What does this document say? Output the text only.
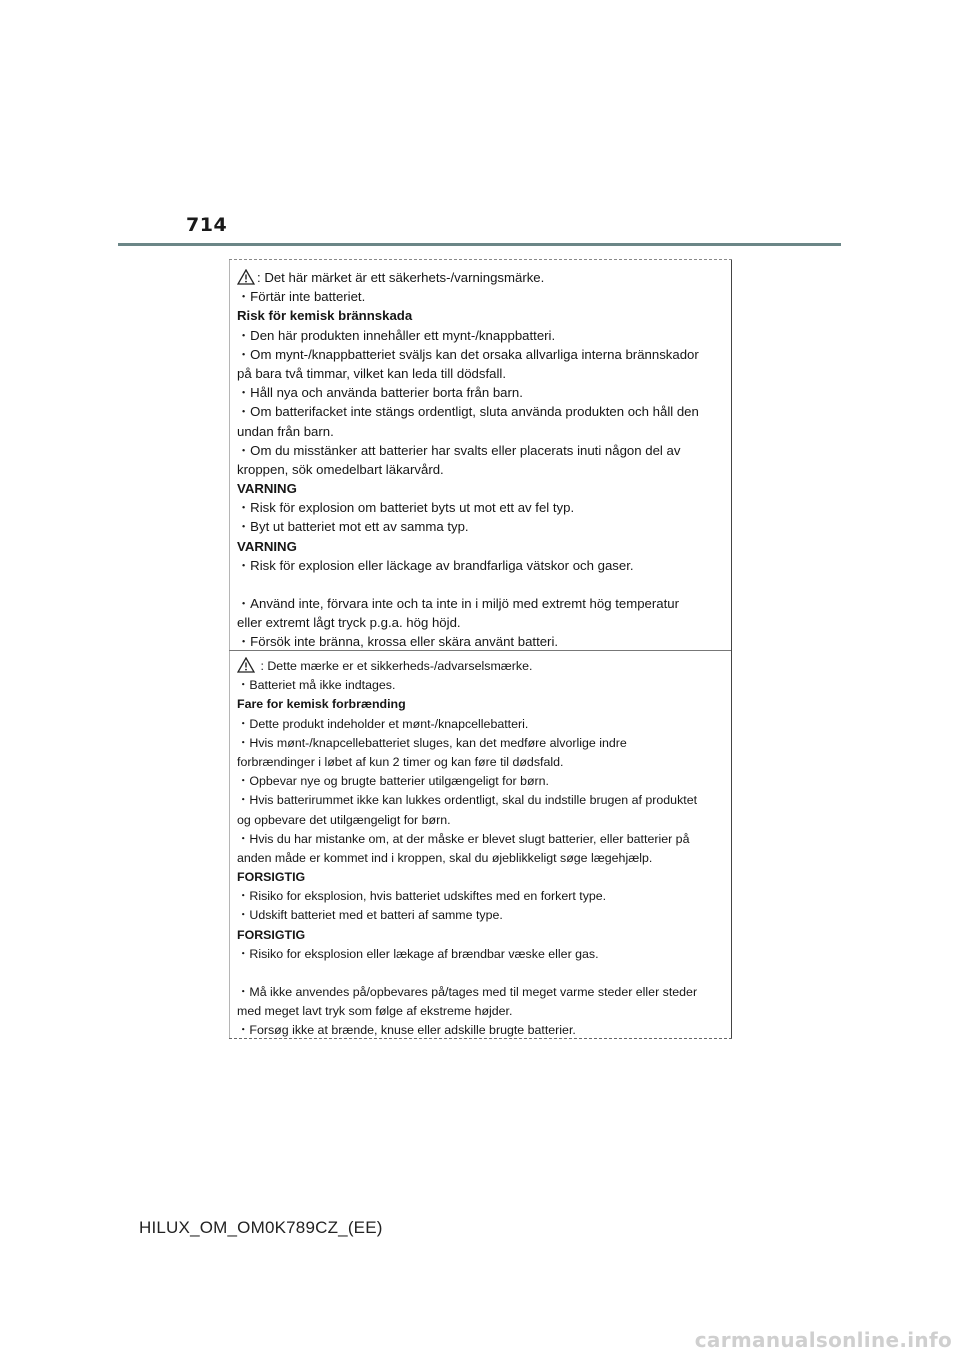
714
: Det här märket är ett säkerhets-/varningsmärke.
・Förtär inte batteriet.
Risk för kemisk brännskada
・Den här produkten innehåller ett mynt-/knappbatteri.
・Om mynt-/knappbatteriet sväljs kan det orsaka allvarliga interna brännskador
på bara två timmar, vilket kan leda till dödsfall.
・Håll nya och använda batterier borta från barn.
・Om batterifacket inte stängs ordentligt, sluta använda produkten och håll den
undan från barn.
・Om du misstänker att batterier har svalts eller placerats inuti någon del av
kroppen, sök omedelbart läkarvård.
VARNING
・Risk för explosion om batteriet byts ut mot ett av fel typ.
・Byt ut batteriet mot ett av samma typ.
VARNING
・Risk för explosion eller läckage av brandfarliga vätskor och gaser.
・Använd inte, förvara inte och ta inte in i miljö med extremt hög temperatur
eller extremt lågt tryck p.g.a. hög höjd.
・Försök inte bränna, krossa eller skära använt batteri.
: Dette mærke er et sikkerheds-/advarselsmærke.
・Batteriet må ikke indtages.
Fare for kemisk forbrænding
・Dette produkt indeholder et mønt-/knapcellebatteri.
・Hvis mønt-/knapcellebatteriet sluges, kan det medføre alvorlige indre
forbrændinger i løbet af kun 2 timer og kan føre til dødsfald.
・Opbevar nye og brugte batterier utilgængeligt for børn.
・Hvis batterirummet ikke kan lukkes ordentligt, skal du indstille brugen af produktet
og opbevare det utilgængeligt for børn.
・Hvis du har mistanke om, at der måske er blevet slugt batterier, eller batterier på
anden måde er kommet ind i kroppen, skal du øjeblikkeligt søge lægehjælp.
FORSIGTIG
・Risiko for eksplosion, hvis batteriet udskiftes med en forkert type.
・Udskift batteriet med et batteri af samme type.
FORSIGTIG
・Risiko for eksplosion eller lækage af brændbar væske eller gas.
・Må ikke anvendes på/opbevares på/tages med til meget varme steder eller steder
med meget lavt tryk som følge af ekstreme højder.
・Forsøg ikke at brænde, knuse eller adskille brugte batterier.
HILUX_OM_OM0K789CZ_(EE)
carmanualsonline.info
